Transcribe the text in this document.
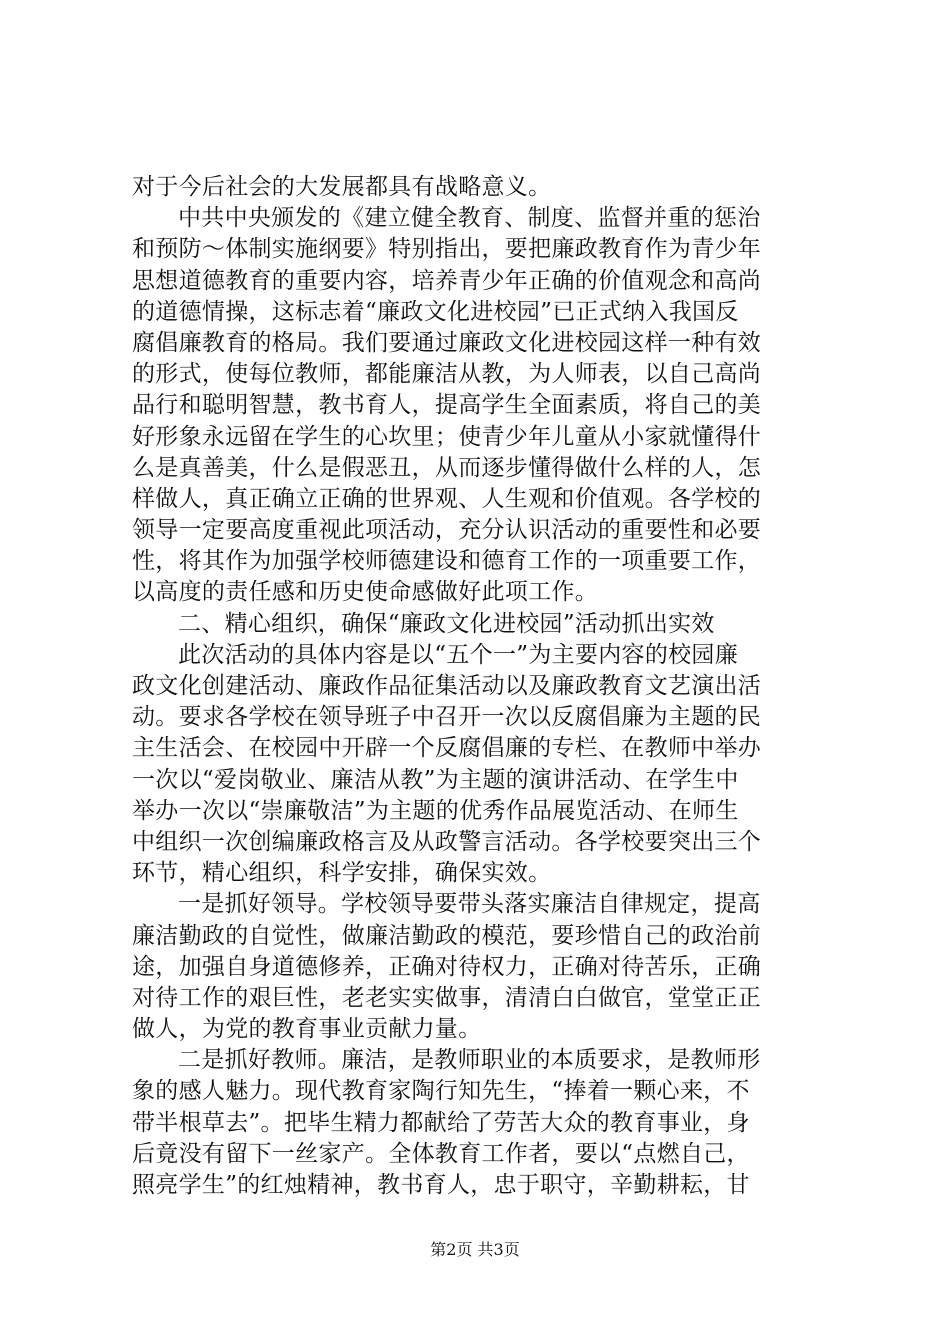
对于今后社会的大发展都具有战略意义。
中共中央颁发的《建立健全教育、制度、监督并重的惩治
和预防～体制实施纲要》特别指出，要把廉政教育作为青少年
思想道德教育的重要内容，培养青少年正确的价值观念和高尚
的道德情操，这标志着“廉政文化进校园”已正式纳入我国反
腐倡廉教育的格局。我们要通过廉政文化进校园这样一种有效
的形式，使每位教师，都能廉洁从教，为人师表，以自己高尚
品行和聪明智慧，教书育人，提高学生全面素质，将自己的美
好形象永远留在学生的心坎里；使青少年儿童从小家就懂得什
么是真善美，什么是假恶丑，从而逐步懂得做什么样的人，怎
样做人，真正确立正确的世界观、人生观和价值观。各学校的
领导一定要高度重视此项活动，充分认识活动的重要性和必要
性，将其作为加强学校师德建设和德育工作的一项重要工作，
以高度的责任感和历史使命感做好此项工作。
二、精心组织，确保“廉政文化进校园”活动抓出实效
此次活动的具体内容是以“五个一”为主要内容的校园廉
政文化创建活动、廉政作品征集活动以及廉政教育文艺演出活
动。要求各学校在领导班子中召开一次以反腐倡廉为主题的民
主生活会、在校园中开辟一个反腐倡廉的专栏、在教师中举办
一次以“爱岗敬业、廉洁从教”为主题的演讲活动、在学生中
举办一次以“崇廉敬洁”为主题的优秀作品展览活动、在师生
中组织一次创编廉政格言及从政警言活动。各学校要突出三个
环节，精心组织，科学安排，确保实效。
一是抓好领导。学校领导要带头落实廉洁自律规定，提高
廉洁勤政的自觉性，做廉洁勤政的模范，要珍惜自己的政治前
途，加强自身道德修养，正确对待权力，正确对待苦乐，正确
对待工作的艰巨性，老老实实做事，清清白白做官，堂堂正正
做人，为党的教育事业贡献力量。
二是抓好教师。廉洁，是教师职业的本质要求，是教师形
象的感人魅力。现代教育家陶行知先生，“捧着一颗心来，不
带半根草去”。把毕生精力都献给了劳苦大众的教育事业，身
后竟没有留下一丝家产。全体教育工作者，要以“点燃自己，
照亮学生”的红烛精神，教书育人，忠于职守，辛勤耕耘，甘
第2页 共3页
